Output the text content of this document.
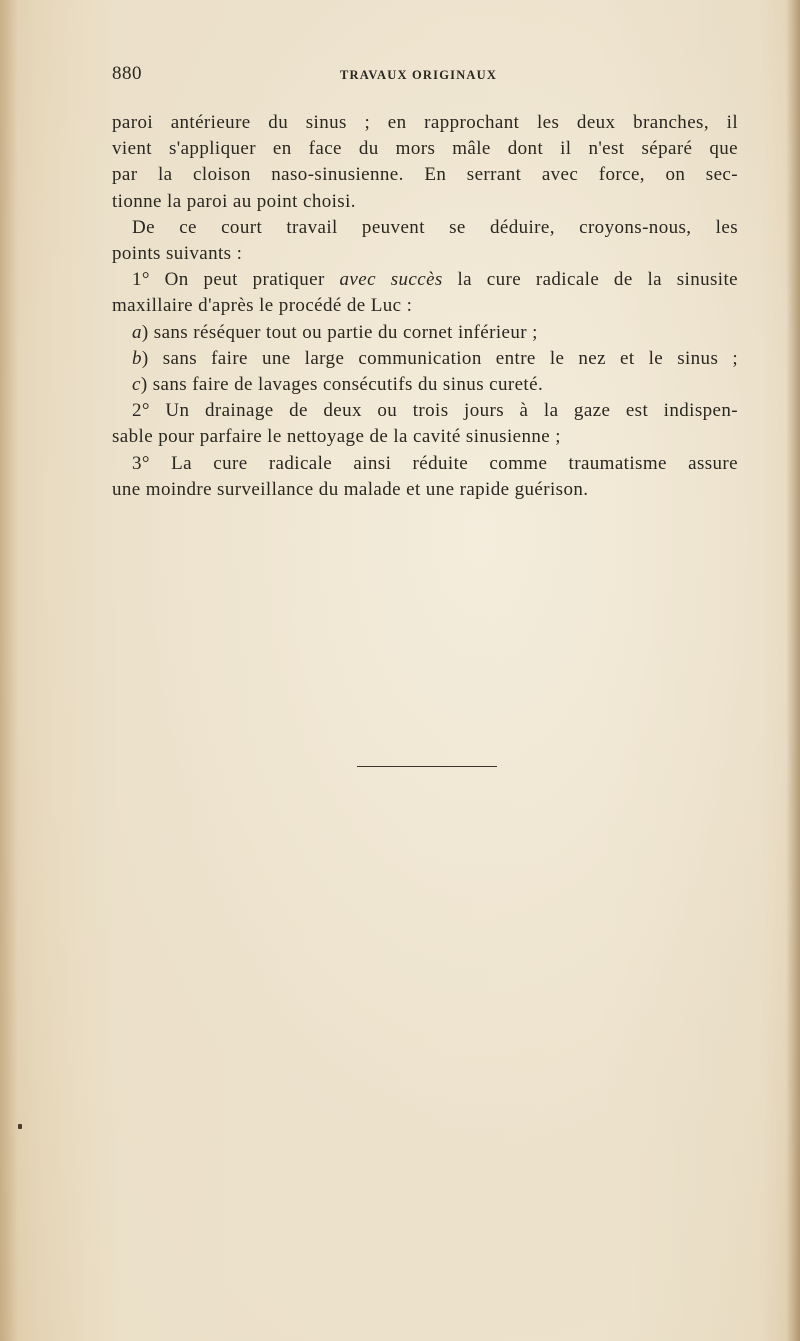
880	TRAVAUX ORIGINAUX
paroi antérieure du sinus ; en rapprochant les deux branches, il
vient s'appliquer en face du mors mâle dont il n'est séparé que
par la cloison naso-sinusienne. En serrant avec force, on sec-
tionne la paroi au point choisi.
De ce court travail peuvent se déduire, croyons-nous, les
points suivants :
1° On peut pratiquer avec succès la cure radicale de la sinusite
maxillaire d'après le procédé de Luc :
a) sans réséquer tout ou partie du cornet inférieur ;
b) sans faire une large communication entre le nez et le sinus ;
c) sans faire de lavages consécutifs du sinus cureté.
2° Un drainage de deux ou trois jours à la gaze est indispen-
sable pour parfaire le nettoyage de la cavité sinusienne ;
3° La cure radicale ainsi réduite comme traumatisme assure
une moindre surveillance du malade et une rapide guérison.
